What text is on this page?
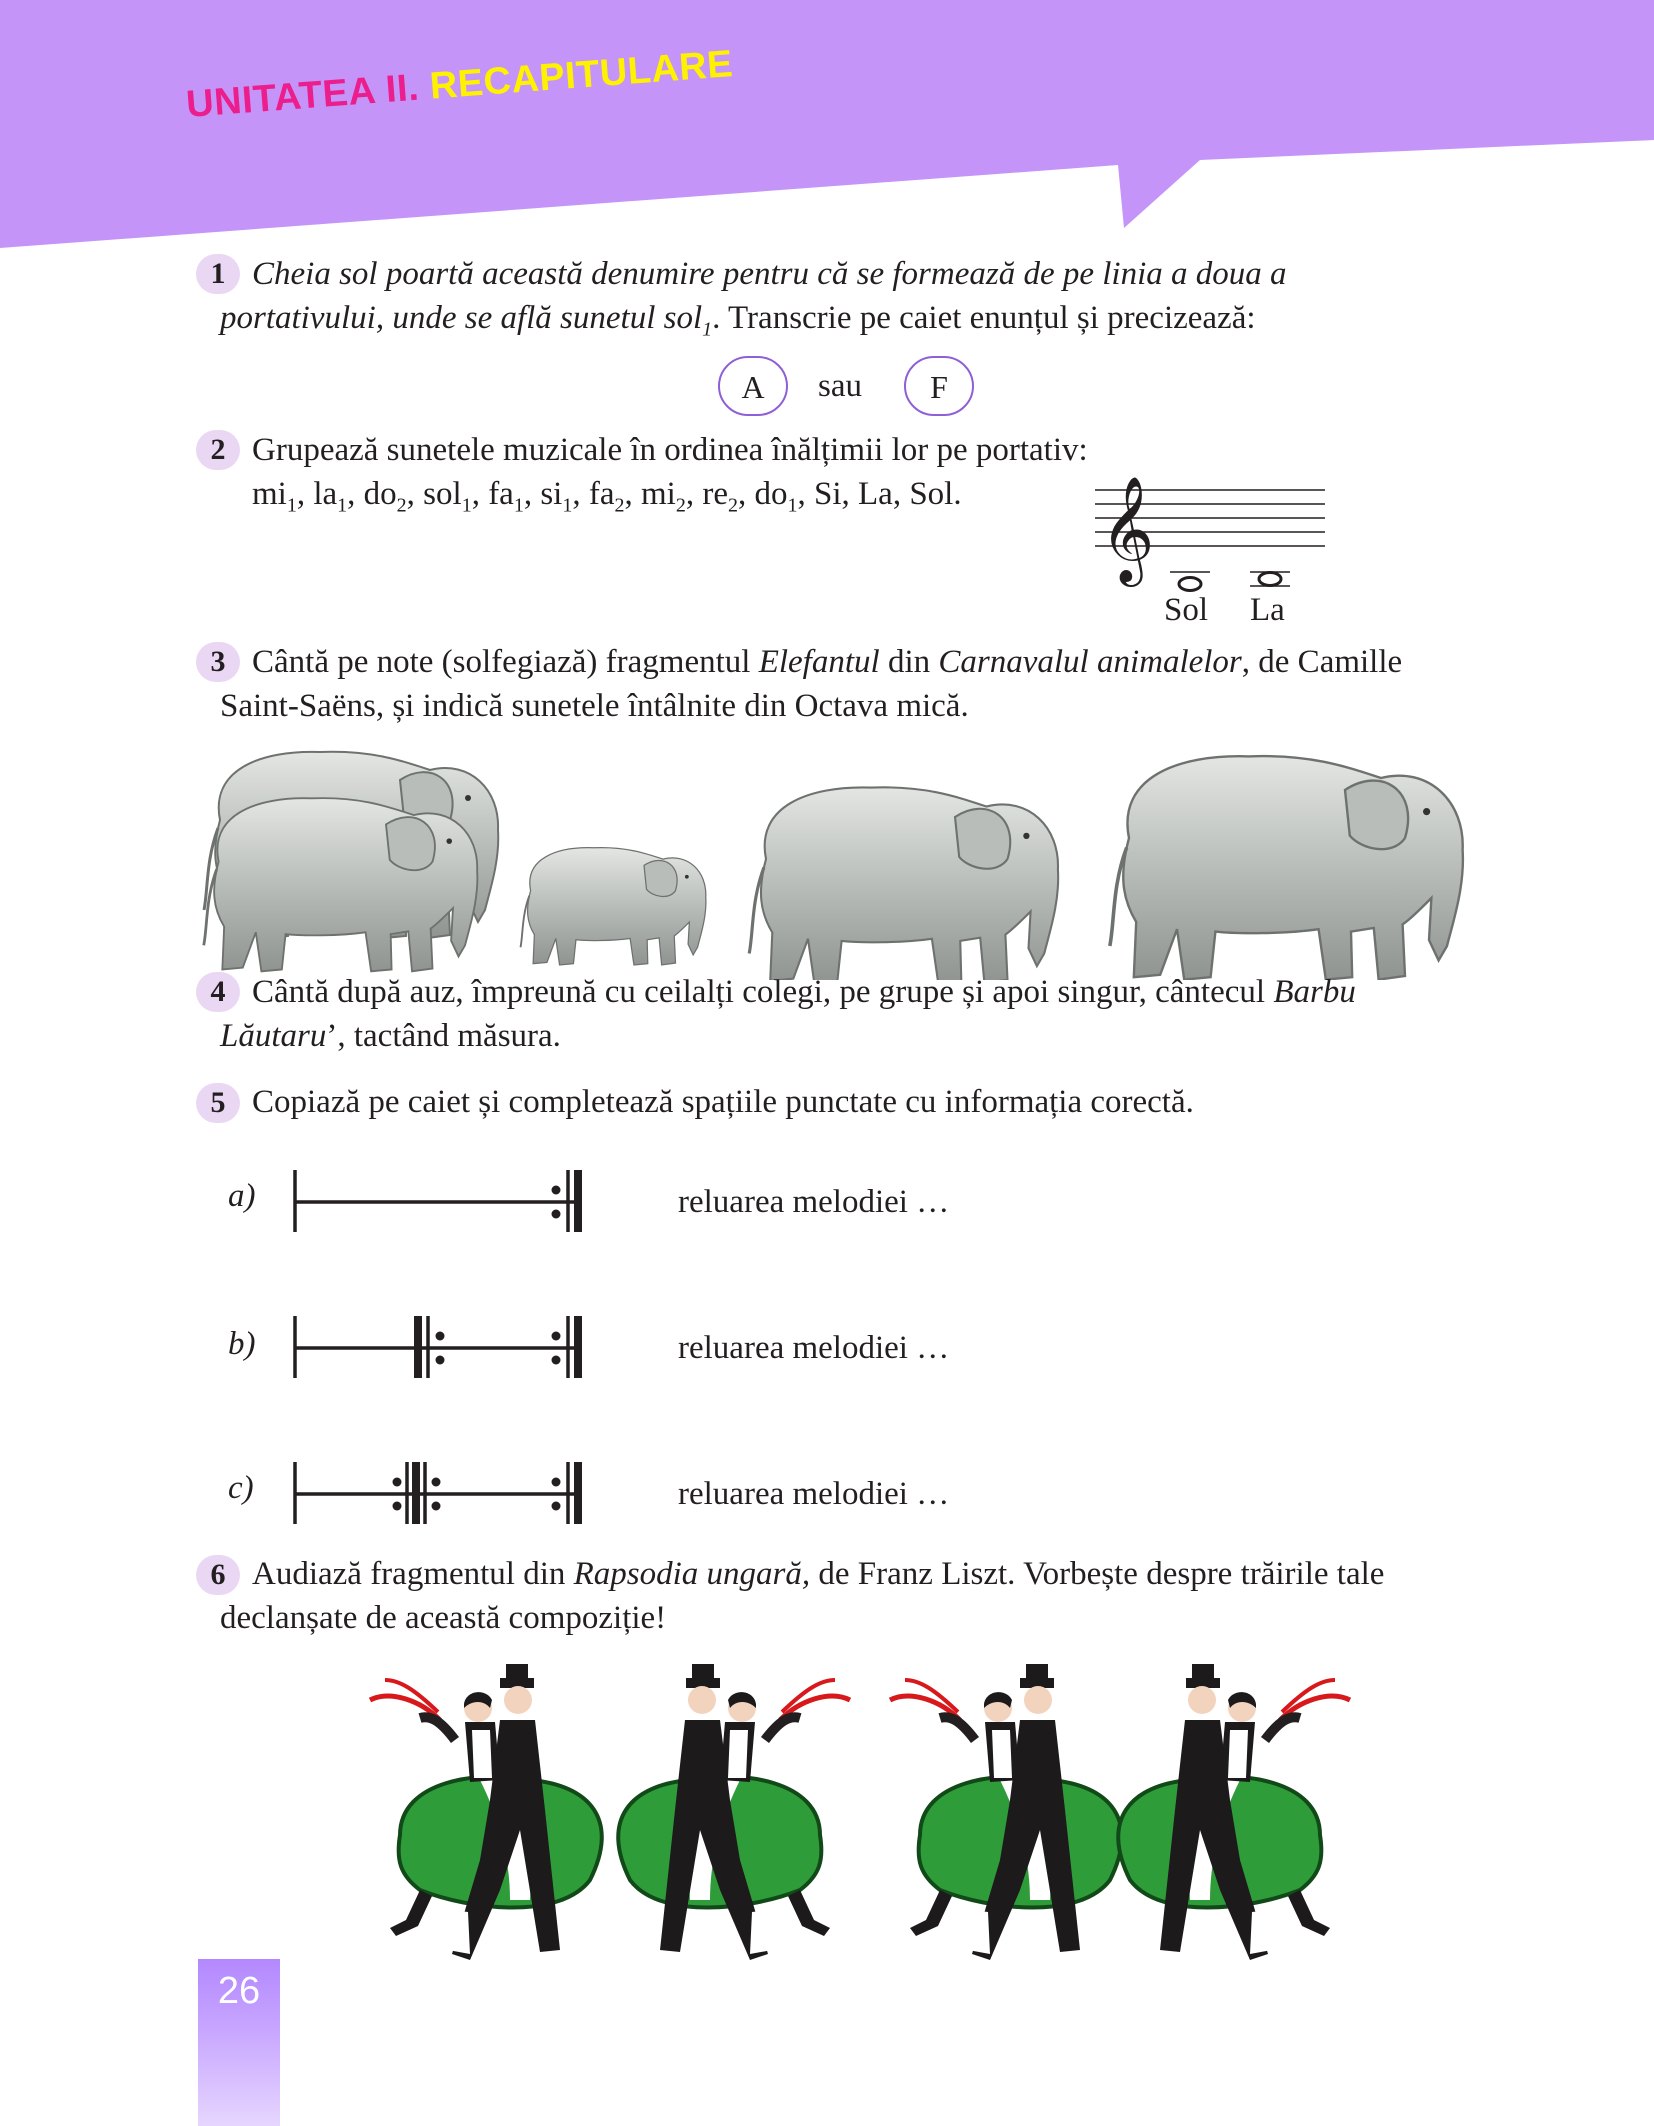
UNITATEA II. RECAPITULARE
1 Cheia sol poartă această denumire pentru că se formează de pe linia a doua a
portativului, unde se află sunetul sol$_1$. Transcrie pe caiet enunțul și precizează:
A	sau	F
2 Grupează sunetele muzicale în ordinea înălțimii lor pe portativ:
$mi_1$, $la_1$, $do_2$, sol$_1$, $fa_1$, $si_1$, $fa_2$, $mi_2$, $re_2$, $do_1$, Si, La, Sol. 𝄞
Sol La
3 Cântă pe note (solfegiază) fragmentul Elefantul din Carnavalul animalelor, de Camille
Saint-Saëns, și indică sunetele întâlnite din Octava mică.
4 Cântă după auz, împreună cu ceilalți colegi, pe grupe și apoi singur, cântecul Barbu
Lăutaru’, tactând măsura.
5 Copiază pe caiet și completează spațiile punctate cu informația corectă.
a)	reluarea melodiei …
b)	reluarea melodiei …
c)	reluarea melodiei …
6 Audiază fragmentul din Rapsodia ungară, de Franz Liszt. Vorbește despre trăirile tale
declanșate de această compoziție!
26
